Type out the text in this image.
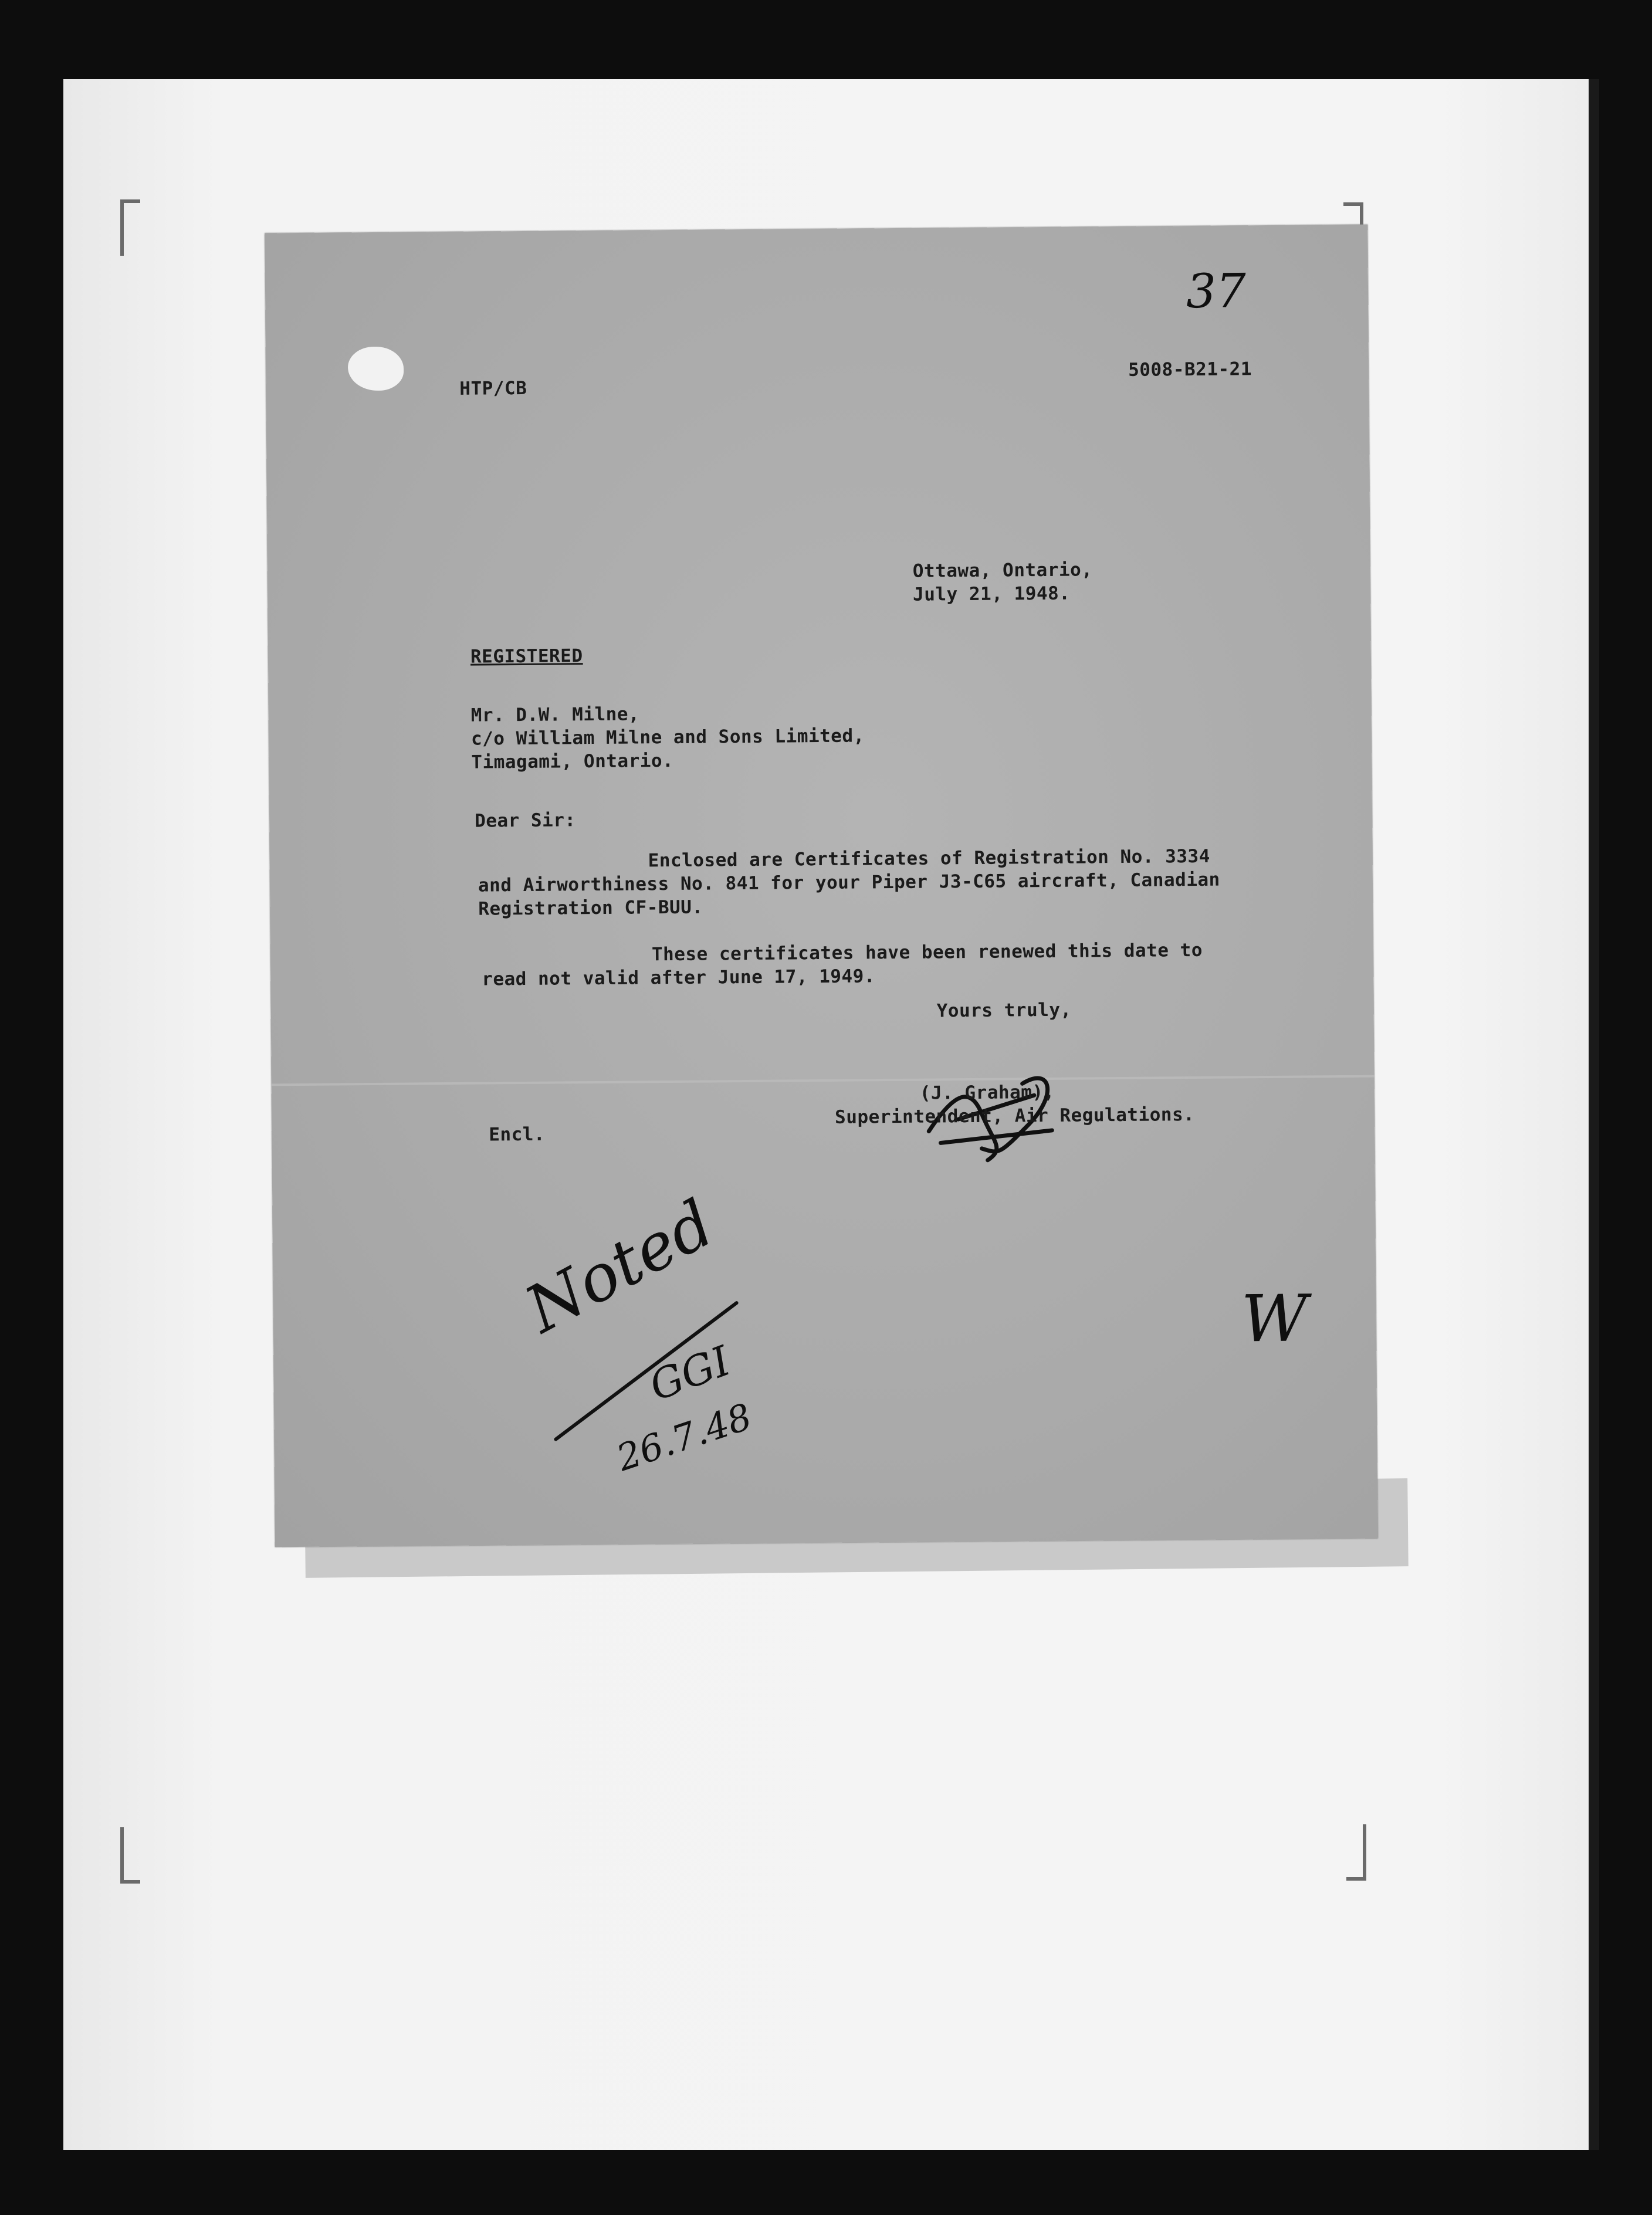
HTP/CB
5008-B21-21
37
Ottawa, Ontario,
July 21, 1948.
REGISTERED
Mr. D.W. Milne,
c/o William Milne and Sons Limited,
Timagami, Ontario.
Dear Sir:
Enclosed are Certificates of Registration No. 3334
and Airworthiness No. 841 for your Piper J3-C65 aircraft, Canadian
Registration CF-BUU.
These certificates have been renewed this date to
read not valid after June 17, 1949.
Yours truly,
(J. Graham),
Superintendent, Air Regulations.
Encl.
Noted
GGI
26.7.48
W
